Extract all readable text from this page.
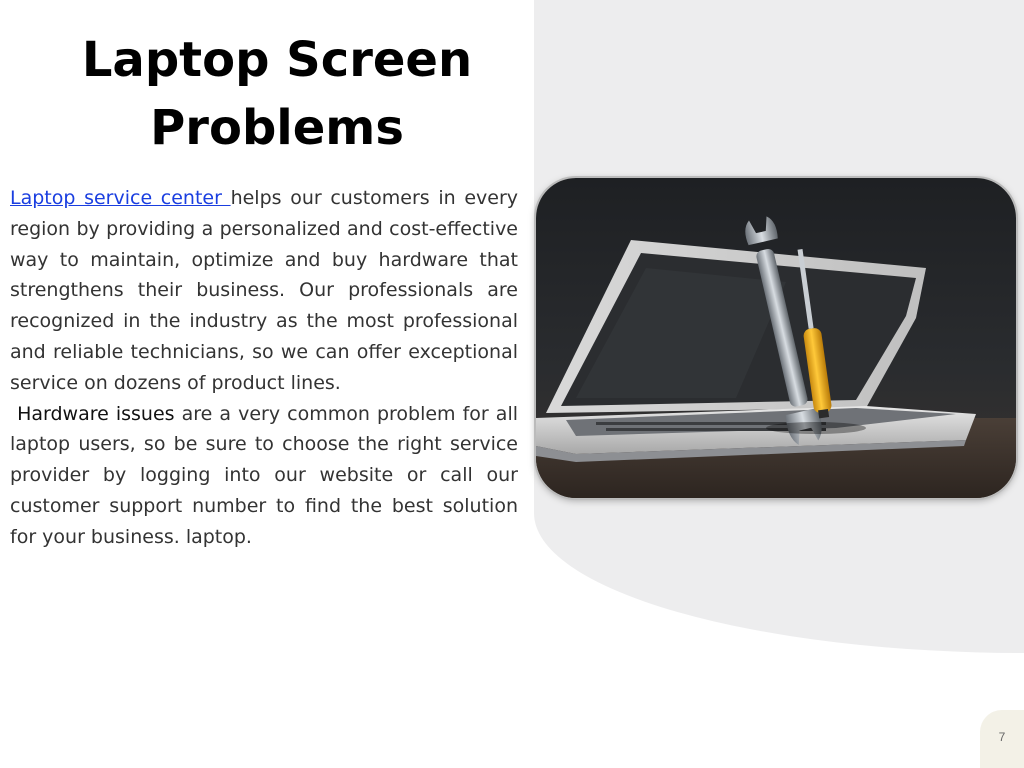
Laptop Screen Problems

Laptop service center helps our customers in every region by providing a personalized and cost-effective way to maintain, optimize and buy hardware that strengthens their business. Our professionals are recognized in the industry as the most professional and reliable technicians, so we can offer exceptional service on dozens of product lines.

Hardware issues are a very common problem for all laptop users, so be sure to choose the right service provider by logging into our website or call our customer support number to find the best solution for your business. laptop.

7
